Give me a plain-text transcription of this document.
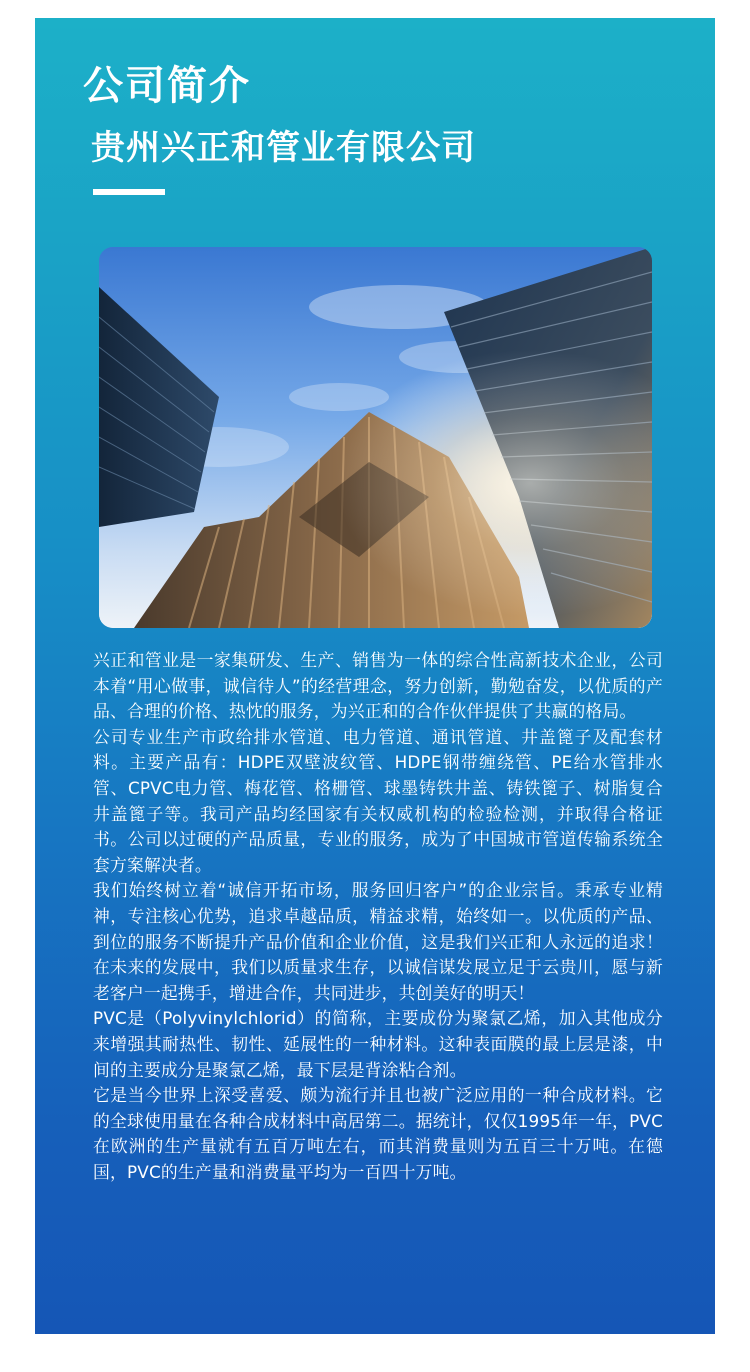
公司简介
贵州兴正和管业有限公司

兴正和管业是一家集研发、生产、销售为一体的综合性高新技术企业，公司本着“用心做事，诚信待人”的经营理念，努力创新，勤勉奋发，以优质的产品、合理的价格、热忱的服务，为兴正和的合作伙伴提供了共赢的格局。

公司专业生产市政给排水管道、电力管道、通讯管道、井盖篦子及配套材料。主要产品有：HDPE双壁波纹管、HDPE钢带缠绕管、PE给水管排水管、CPVC电力管、梅花管、格栅管、球墨铸铁井盖、铸铁篦子、树脂复合井盖篦子等。我司产品均经国家有关权威机构的检验检测，并取得合格证书。公司以过硬的产品质量，专业的服务，成为了中国城市管道传输系统全套方案解决者。

我们始终树立着“诚信开拓市场，服务回归客户”的企业宗旨。秉承专业精神，专注核心优势，追求卓越品质，精益求精，始终如一。以优质的产品、到位的服务不断提升产品价值和企业价值，这是我们兴正和人永远的追求！在未来的发展中，我们以质量求生存，以诚信谋发展立足于云贵川，愿与新老客户一起携手，增进合作，共同进步，共创美好的明天！

PVC是（Polyvinylchlorid）的简称，主要成份为聚氯乙烯，加入其他成分来增强其耐热性、韧性、延展性的一种材料。这种表面膜的最上层是漆，中间的主要成分是聚氯乙烯，最下层是背涂粘合剂。

它是当今世界上深受喜爱、颇为流行并且也被广泛应用的一种合成材料。它的全球使用量在各种合成材料中高居第二。据统计，仅仅1995年一年，PVC在欧洲的生产量就有五百万吨左右，而其消费量则为五百三十万吨。在德国，PVC的生产量和消费量平均为一百四十万吨。
